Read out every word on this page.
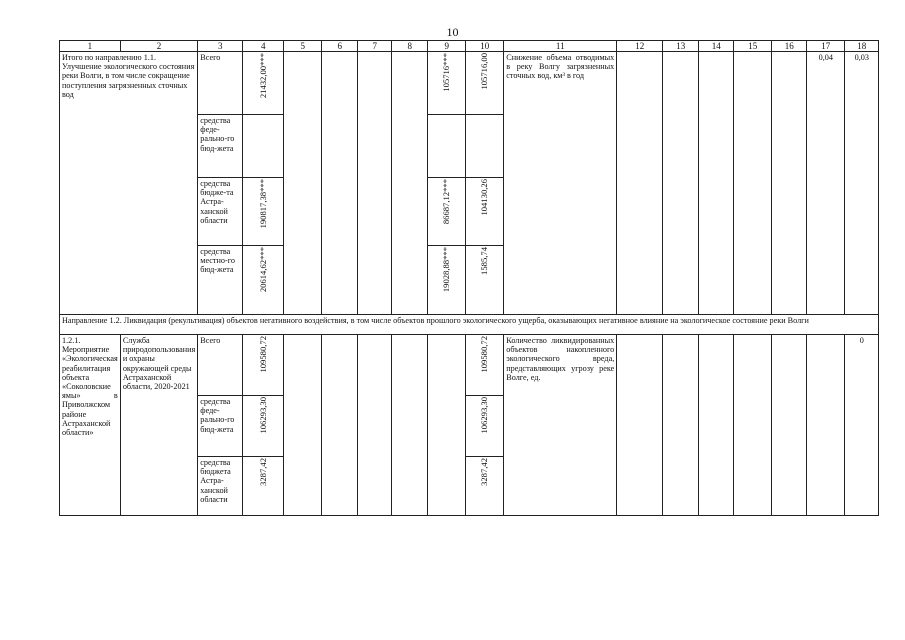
10
1	2	3	4	5	6	7	8	9	10	11	12	13	14	15	16	17	18
Итого по направлению 1.1. Улучшение экологического состояния реки Волги, в том числе сокращение поступления загрязненных сточных вод		Всего	21432,00***					105716***	105716,00	Снижение объема отводимых в реку Волгу загрязненных сточных вод, км³ в год						0,04	0,03
		средства феде-рально-го бюд-жета													

		средства бюдже-та Астра-ханской области	190817,38***					86687,12***	104130,26								

		средства местно-го бюд-жета	20614,62***					19028,88***	1585,74								

Направление 1.2. Ликвидация (рекультивация) объектов негативного воздействия, в том числе объектов прошлого экологического ущерба, оказывающих негативное влияние на экологическое состояние реки Волги																	
1.2.1. Мероприятие «Экологическая реабилитация объекта «Соколовские ямы» в Приволжском районе Астраханской области»	Служба природопользования и охраны окружающей среды Астраханской области, 2020-2021	Всего	109580,72						109580,72	Количество ликвидированных объектов накопленного экологического вреда, представляющих угрозу реке Волге, ед.							0
		средства феде-рально-го бюд-жета	106293,30						106293,30								

		средства бюджета Астра-ханской области	3287,42						3287,42								
